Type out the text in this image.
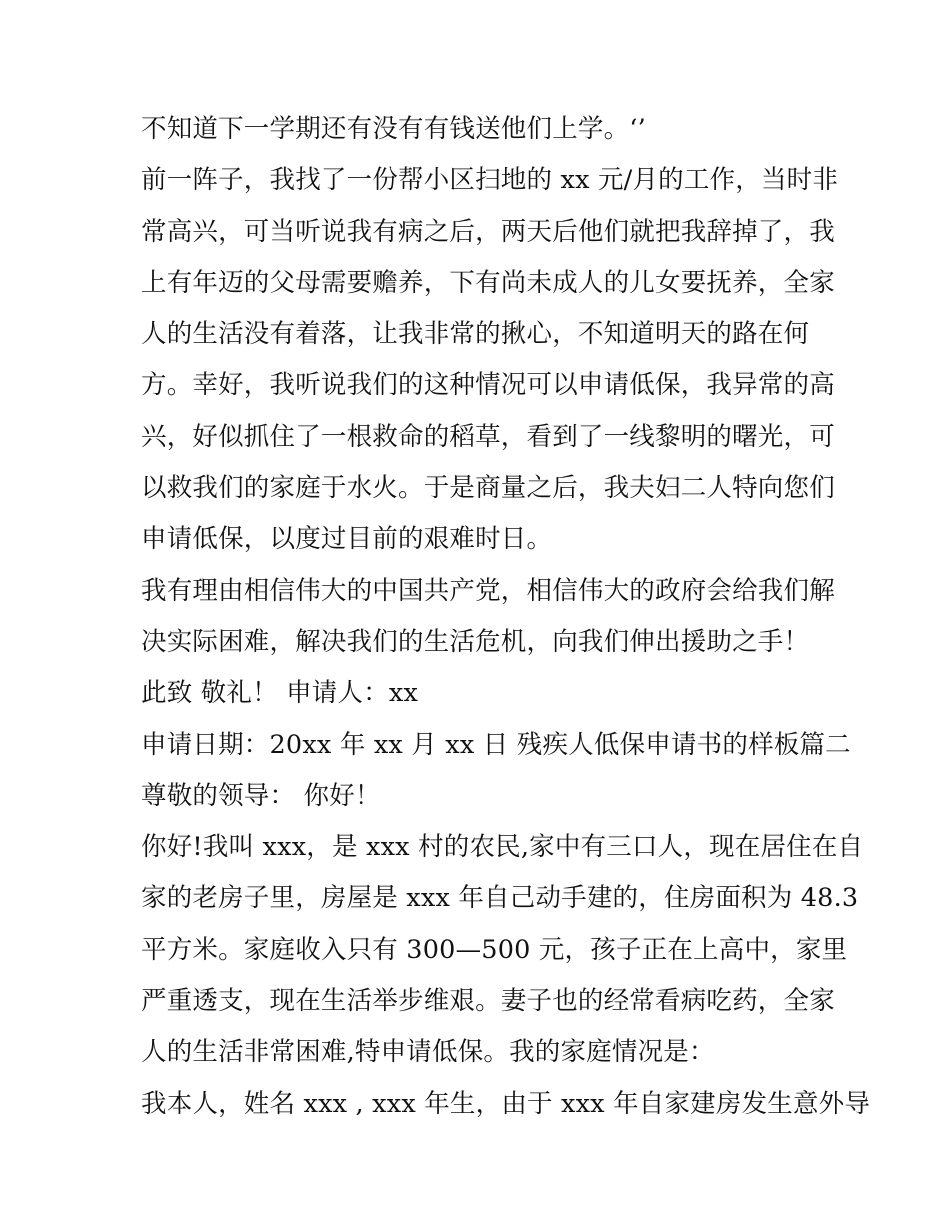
不知道下一学期还有没有有钱送他们上学。‘’
前一阵子，我找了一份帮小区扫地的 xx 元/月的工作，当时非
常高兴，可当听说我有病之后，两天后他们就把我辞掉了，我
上有年迈的父母需要赡养，下有尚未成人的儿女要抚养，全家
人的生活没有着落，让我非常的揪心，不知道明天的路在何
方。幸好，我听说我们的这种情况可以申请低保，我异常的高
兴，好似抓住了一根救命的稻草，看到了一线黎明的曙光，可
以救我们的家庭于水火。于是商量之后，我夫妇二人特向您们
申请低保，以度过目前的艰难时日。
我有理由相信伟大的中国共产党，相信伟大的政府会给我们解
决实际困难，解决我们的生活危机，向我们伸出援助之手！
此致 敬礼！ 申请人：xx
申请日期：20xx 年 xx 月 xx 日 残疾人低保申请书的样板篇二
尊敬的领导： 你好！
你好!我叫 xxx，是 xxx 村的农民,家中有三口人，现在居住在自
家的老房子里，房屋是 xxx 年自己动手建的，住房面积为 48.3
平方米。家庭收入只有 300—500 元，孩子正在上高中，家里
严重透支，现在生活举步维艰。妻子也的经常看病吃药，全家
人的生活非常困难,特申请低保。我的家庭情况是：
我本人，姓名 xxx , xxx 年生，由于 xxx 年自家建房发生意外导
